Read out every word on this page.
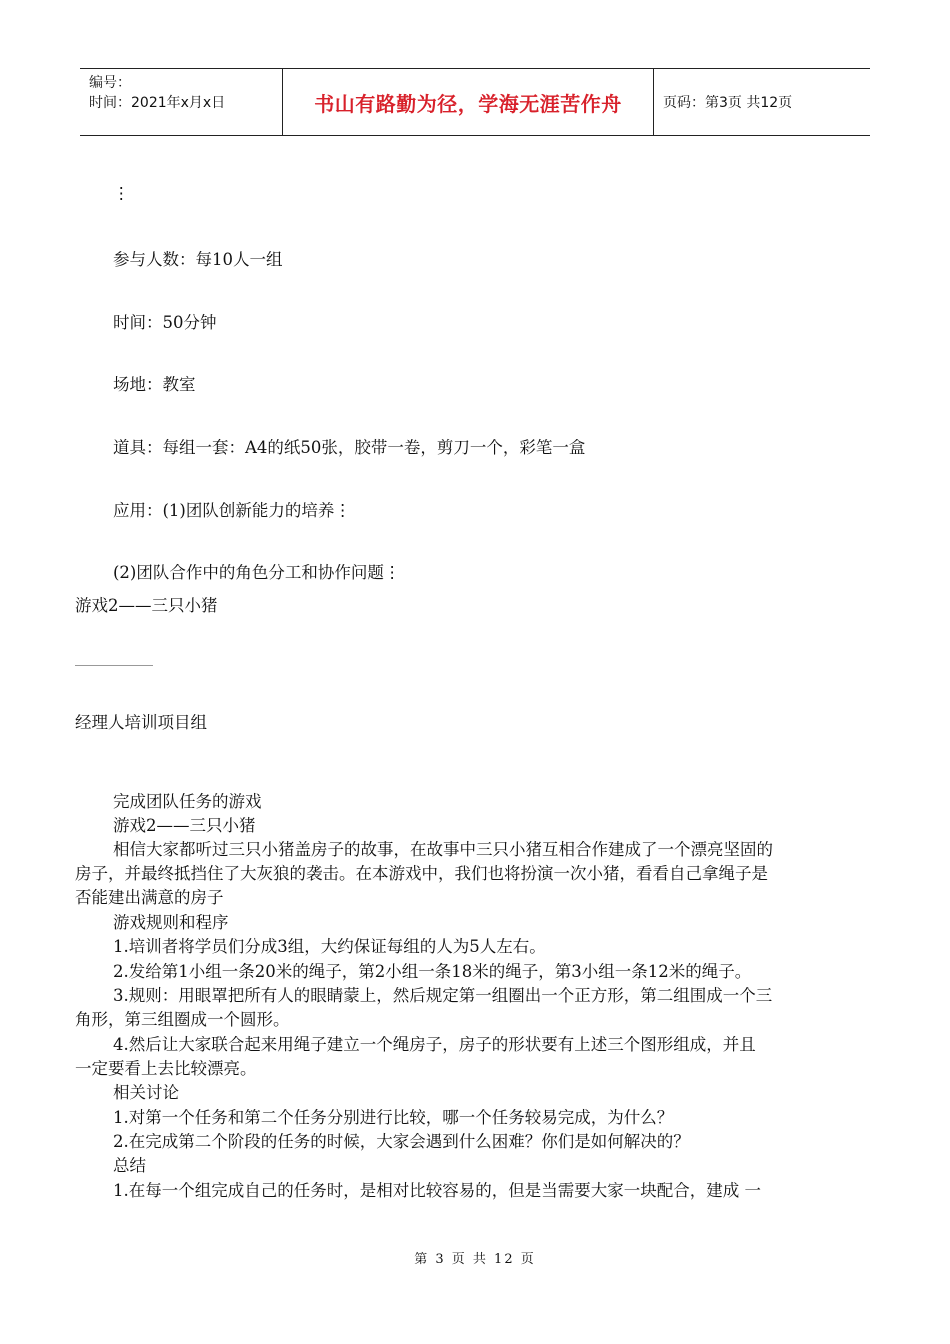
编号：
时间：2021年x月x日	书山有路勤为径，学海无涯苦作舟	页码：第3页 共12页
⋮
参与人数：每10人一组
时间：50分钟
场地：教室
道具：每组一套：A4的纸50张，胶带一卷，剪刀一个，彩笔一盒
应用：(1)团队创新能力的培养⋮
(2)团队合作中的角色分工和协作问题⋮
游戏2——三只小猪
经理人培训项目组
完成团队任务的游戏
游戏2——三只小猪
相信大家都听过三只小猪盖房子的故事，在故事中三只小猪互相合作建成了一个漂亮坚固的
房子，并最终抵挡住了大灰狼的袭击。在本游戏中，我们也将扮演一次小猪，看看自己拿绳子是
否能建出满意的房子
游戏规则和程序
1.培训者将学员们分成3组，大约保证每组的人为5人左右。
2.发给第1小组一条20米的绳子，第2小组一条18米的绳子，第3小组一条12米的绳子。
3.规则：用眼罩把所有人的眼睛蒙上，然后规定第一组圈出一个正方形，第二组围成一个三
角形，第三组圈成一个圆形。
4.然后让大家联合起来用绳子建立一个绳房子，房子的形状要有上述三个图形组成，并且
一定要看上去比较漂亮。
相关讨论
1.对第一个任务和第二个任务分别进行比较，哪一个任务较易完成，为什么？
2.在完成第二个阶段的任务的时候，大家会遇到什么困难？你们是如何解决的？
总结
1.在每一个组完成自己的任务时，是相对比较容易的，但是当需要大家一块配合，建成 一
第 3 页 共 12 页
